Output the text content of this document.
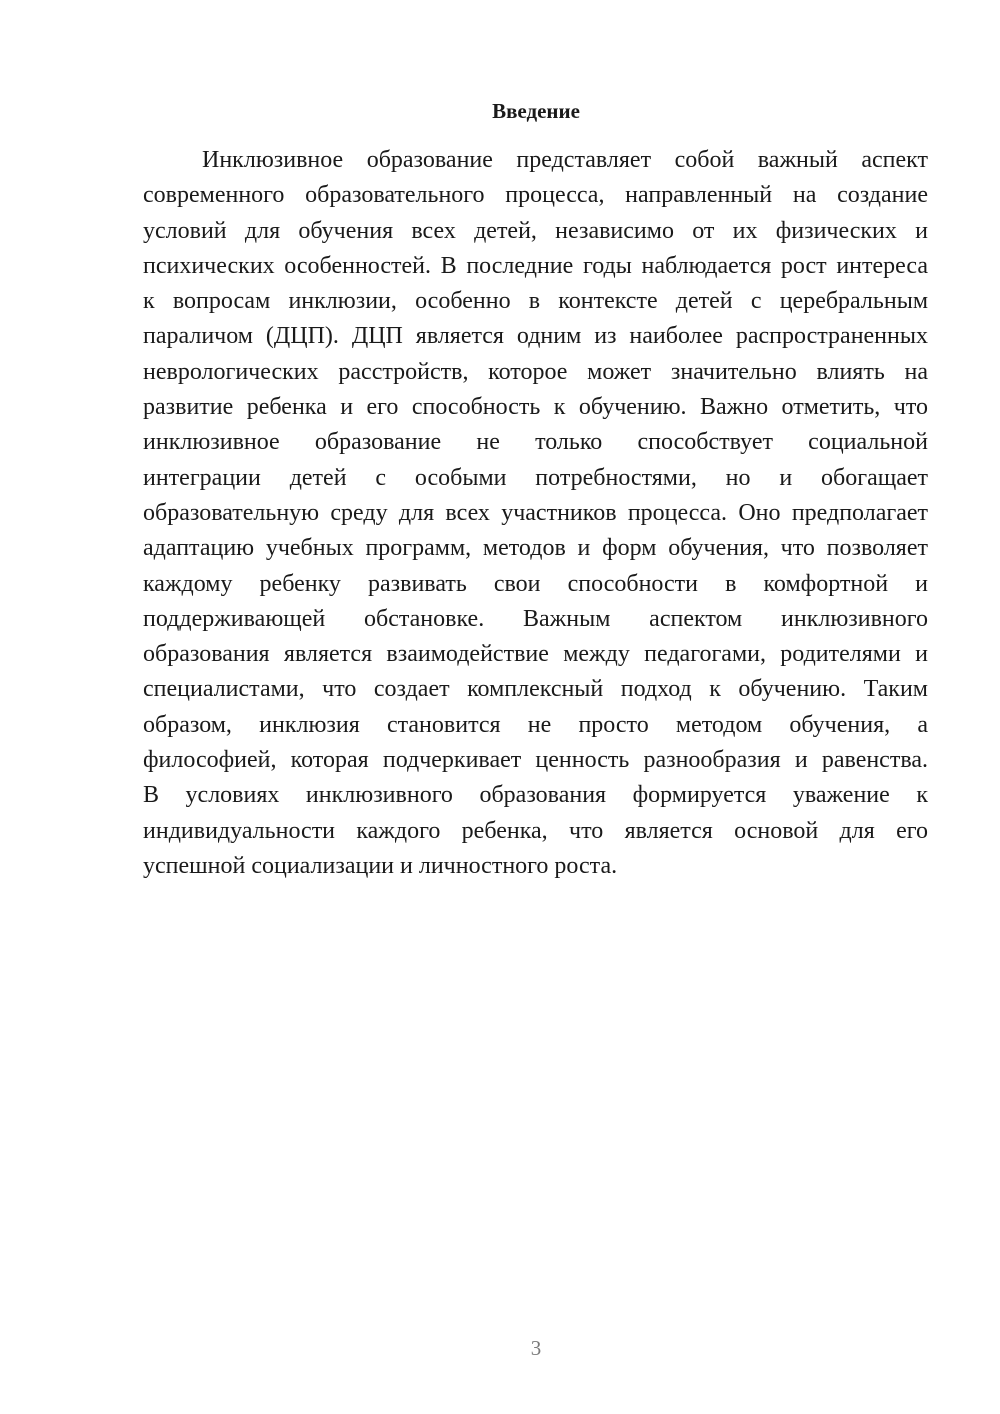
Введение
Инклюзивное образование представляет собой важный аспект
современного образовательного процесса, направленный на создание
условий для обучения всех детей, независимо от их физических и
психических особенностей. В последние годы наблюдается рост интереса
к вопросам инклюзии, особенно в контексте детей с церебральным
параличом (ДЦП). ДЦП является одним из наиболее распространенных
неврологических расстройств, которое может значительно влиять на
развитие ребенка и его способность к обучению. Важно отметить, что
инклюзивное образование не только способствует социальной
интеграции детей с особыми потребностями, но и обогащает
образовательную среду для всех участников процесса. Оно предполагает
адаптацию учебных программ, методов и форм обучения, что позволяет
каждому ребенку развивать свои способности в комфортной и
поддерживающей обстановке. Важным аспектом инклюзивного
образования является взаимодействие между педагогами, родителями и
специалистами, что создает комплексный подход к обучению. Таким
образом, инклюзия становится не просто методом обучения, а
философией, которая подчеркивает ценность разнообразия и равенства.
В условиях инклюзивного образования формируется уважение к
индивидуальности каждого ребенка, что является основой для его
успешной социализации и личностного роста.
3
